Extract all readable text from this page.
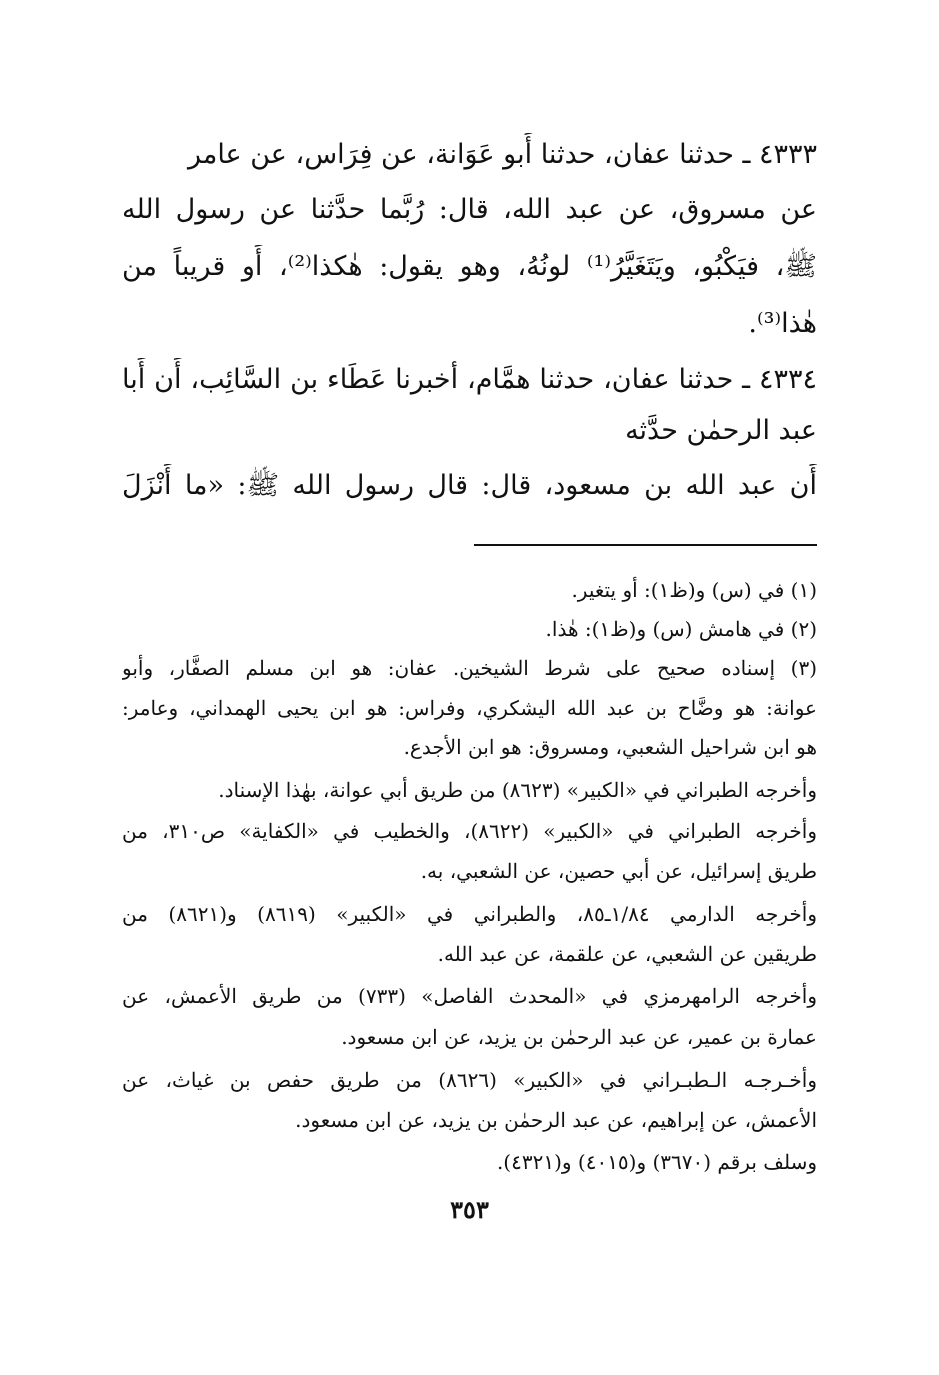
٤٣٣٣ ـ حدثنا عفان، حدثنا أَبو عَوَانة، عن فِرَاس، عن عامر
عن مسروق، عن عبد الله، قال: رُبَّما حدَّثنا عن رسول الله
ﷺ، فيَكْبُو، ويَتَغَيَّرُ⁽¹⁾ لونُهُ، وهو يقول: هٰكذا⁽²⁾، أَو قريباً من
هٰذا⁽³⁾.
٤٣٣٤ ـ حدثنا عفان، حدثنا همَّام، أخبرنا عَطَاء بن السَّائِب، أَن أَبا
عبد الرحمٰن حدَّثه
أَن عبد الله بن مسعود، قال: قال رسول الله ﷺ: «ما أَنْزَلَ
(١) في (س) و(ظ١): أو يتغير.
(٢) في هامش (س) و(ظ١): هٰذا.
(٣) إسناده صحيح على شرط الشيخين. عفان: هو ابن مسلم الصفَّار، وأبو
عوانة: هو وضَّاح بن عبد الله اليشكري، وفراس: هو ابن يحيى الهمداني، وعامر:
هو ابن شراحيل الشعبي، ومسروق: هو ابن الأجدع.
وأخرجه الطبراني في «الكبير» (٨٦٢٣) من طريق أبي عوانة، بهٰذا الإسناد.
وأخرجه الطبراني في «الكبير» (٨٦٢٢)، والخطيب في «الكفاية» ص٣١٠، من
طريق إسرائيل، عن أبي حصين، عن الشعبي، به.
وأخرجه الدارمي ١/٨٤ـ٨٥، والطبراني في «الكبير» (٨٦١٩) و(٨٦٢١) من
طريقين عن الشعبي، عن علقمة، عن عبد الله.
وأخرجه الرامهرمزي في «المحدث الفاصل» (٧٣٣) من طريق الأعمش، عن
عمارة بن عمير، عن عبد الرحمٰن بن يزيد، عن ابن مسعود.
وأخـرجـه الـطبـراني في «الكبير» (٨٦٢٦) من طريق حفص بن غياث، عن
الأعمش، عن إبراهيم، عن عبد الرحمٰن بن يزيد، عن ابن مسعود.
وسلف برقم (٣٦٧٠) و(٤٠١٥) و(٤٣٢١).
٣٥٣
